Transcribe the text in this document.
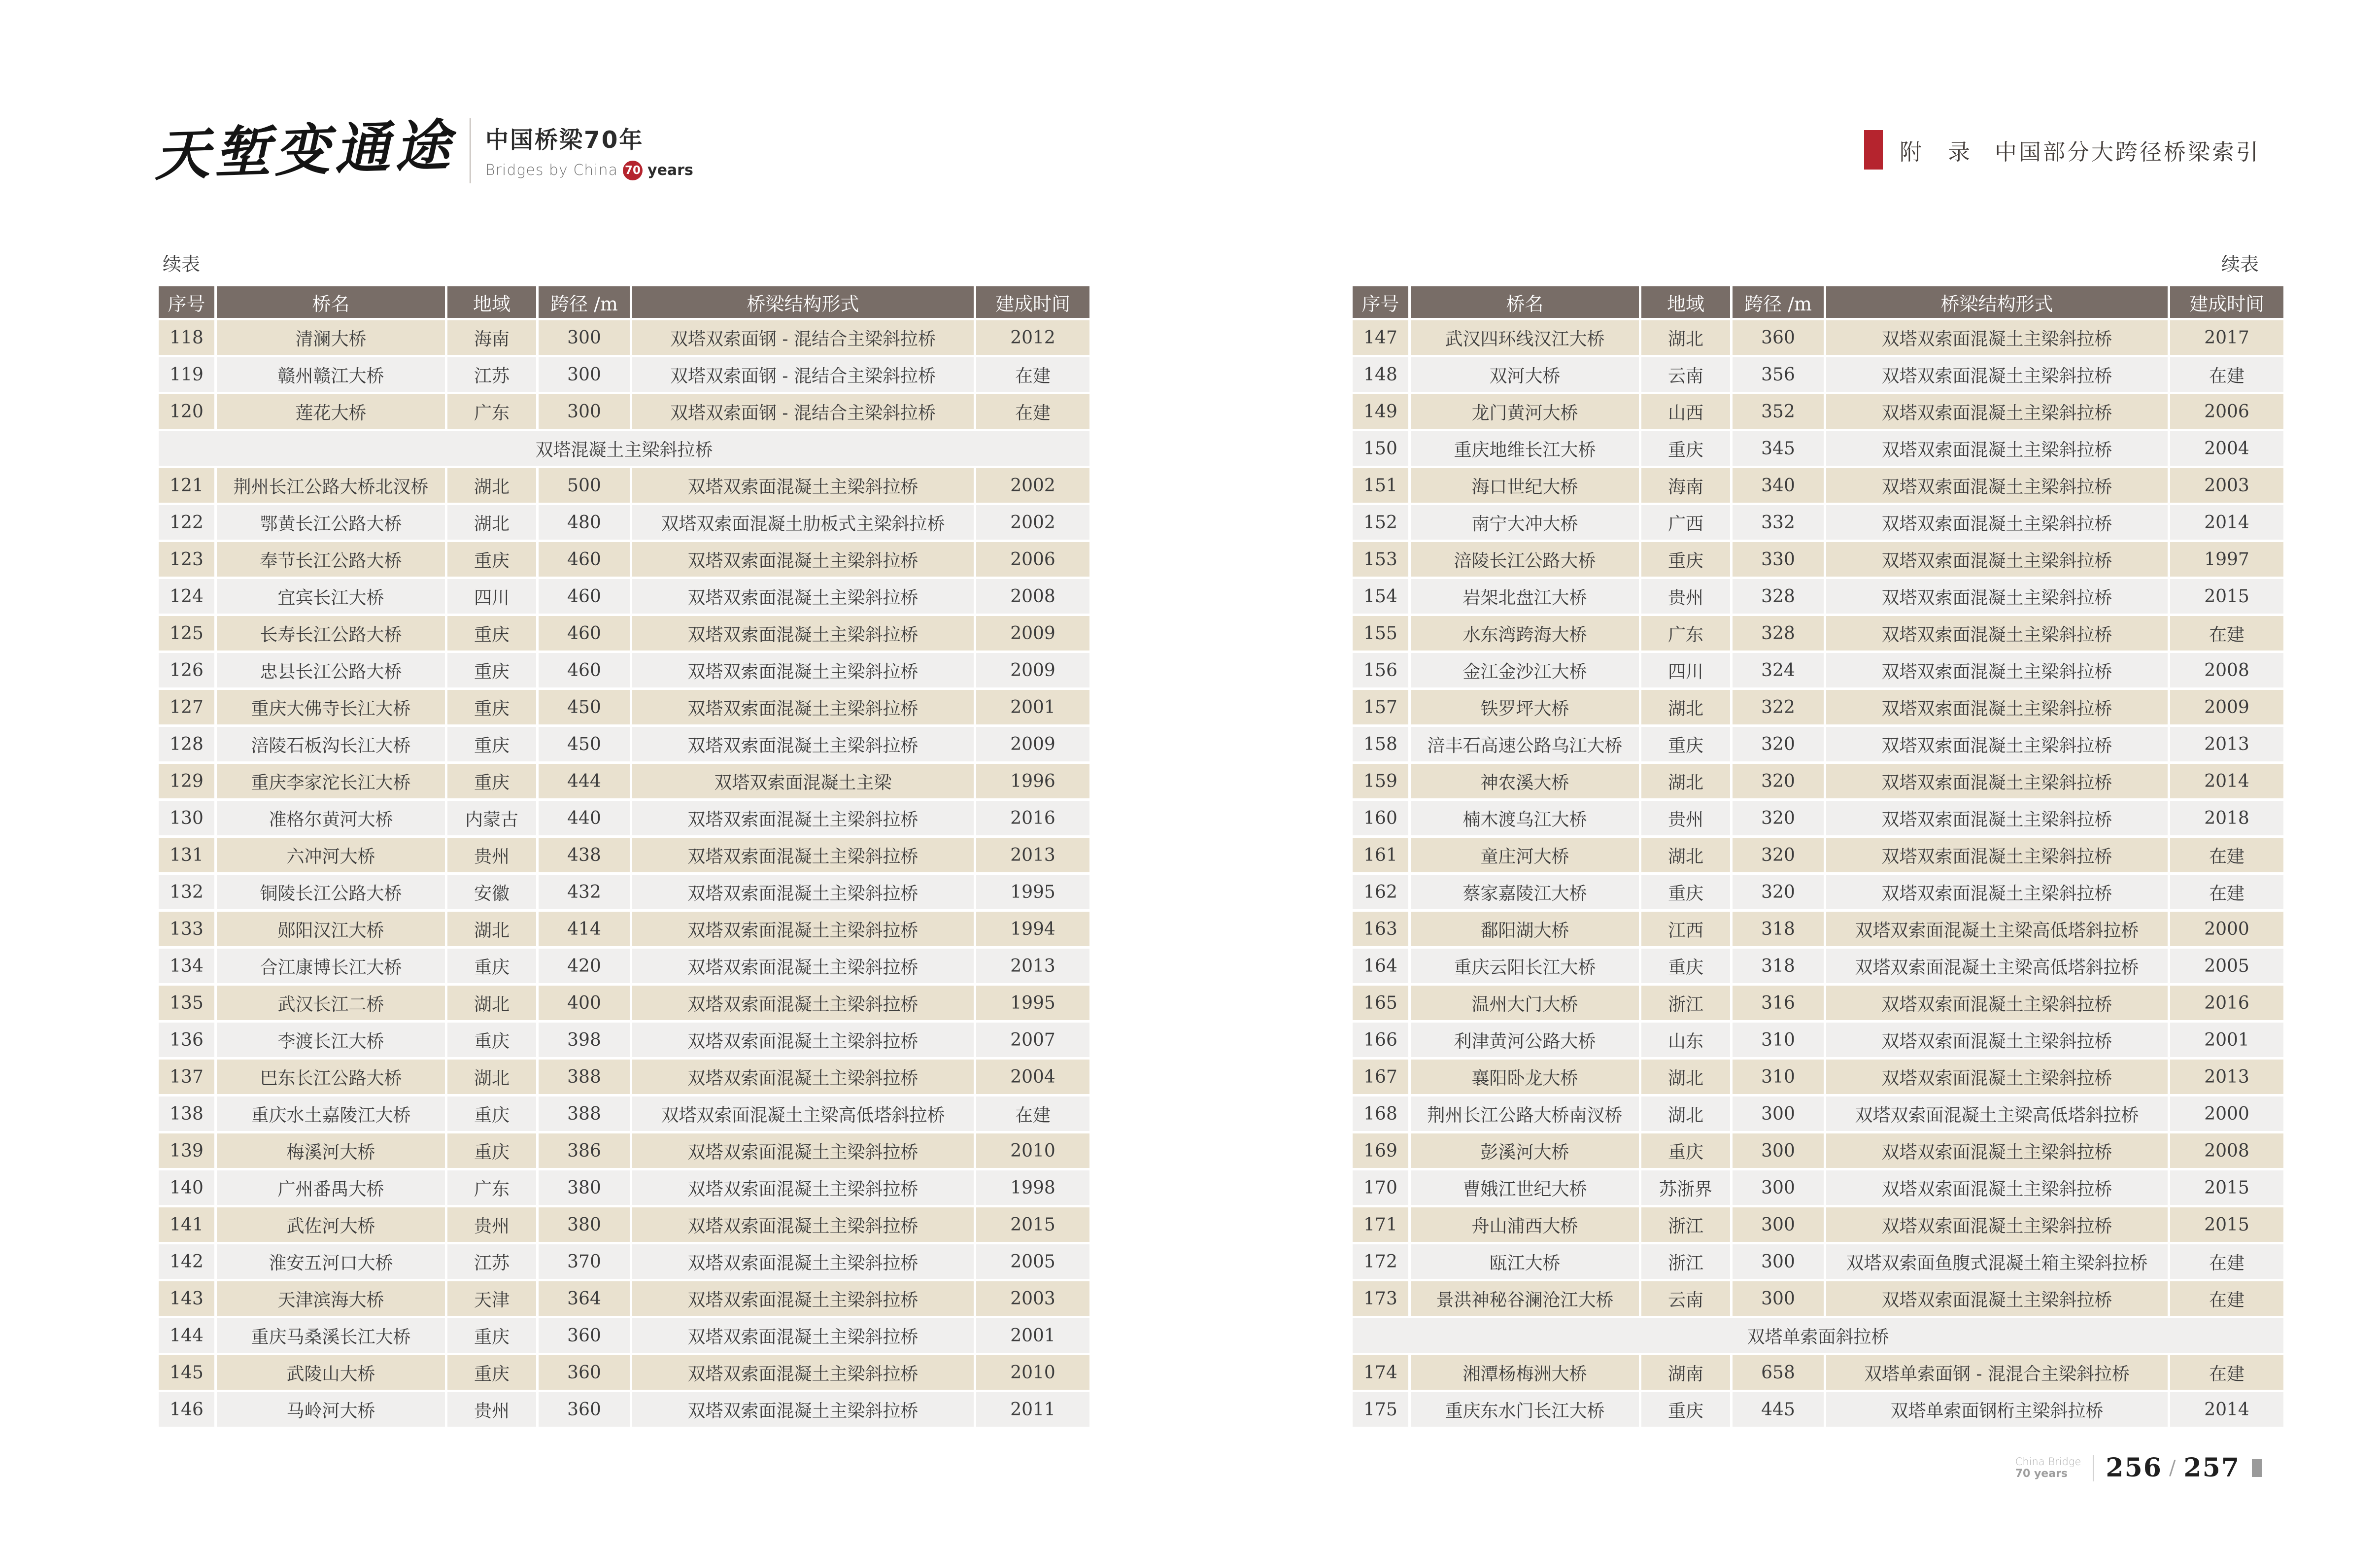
天堑变通途 中国桥梁70年
Bridges by China 70 years
附　录 中国部分大跨径桥梁索引
续表	续表
序号	桥名	地域	跨径 /m	桥梁结构形式	建成时间
118	清澜大桥	海南	300	双塔双索面钢 - 混结合主梁斜拉桥	2012
119	赣州赣江大桥	江苏	300	双塔双索面钢 - 混结合主梁斜拉桥	在建
120	莲花大桥	广东	300	双塔双索面钢 - 混结合主梁斜拉桥	在建
双塔混凝土主梁斜拉桥					
121	荆州长江公路大桥北汊桥	湖北	500	双塔双索面混凝土主梁斜拉桥	2002
122	鄂黄长江公路大桥	湖北	480	双塔双索面混凝土肋板式主梁斜拉桥	2002
123	奉节长江公路大桥	重庆	460	双塔双索面混凝土主梁斜拉桥	2006
124	宜宾长江大桥	四川	460	双塔双索面混凝土主梁斜拉桥	2008
125	长寿长江公路大桥	重庆	460	双塔双索面混凝土主梁斜拉桥	2009
126	忠县长江公路大桥	重庆	460	双塔双索面混凝土主梁斜拉桥	2009
127	重庆大佛寺长江大桥	重庆	450	双塔双索面混凝土主梁斜拉桥	2001
128	涪陵石板沟长江大桥	重庆	450	双塔双索面混凝土主梁斜拉桥	2009
129	重庆李家沱长江大桥	重庆	444	双塔双索面混凝土主梁	1996
130	准格尔黄河大桥	内蒙古	440	双塔双索面混凝土主梁斜拉桥	2016
131	六冲河大桥	贵州	438	双塔双索面混凝土主梁斜拉桥	2013
132	铜陵长江公路大桥	安徽	432	双塔双索面混凝土主梁斜拉桥	1995
133	郧阳汉江大桥	湖北	414	双塔双索面混凝土主梁斜拉桥	1994
134	合江康博长江大桥	重庆	420	双塔双索面混凝土主梁斜拉桥	2013
135	武汉长江二桥	湖北	400	双塔双索面混凝土主梁斜拉桥	1995
136	李渡长江大桥	重庆	398	双塔双索面混凝土主梁斜拉桥	2007
137	巴东长江公路大桥	湖北	388	双塔双索面混凝土主梁斜拉桥	2004
138	重庆水土嘉陵江大桥	重庆	388	双塔双索面混凝土主梁高低塔斜拉桥	在建
139	梅溪河大桥	重庆	386	双塔双索面混凝土主梁斜拉桥	2010
140	广州番禺大桥	广东	380	双塔双索面混凝土主梁斜拉桥	1998
141	武佐河大桥	贵州	380	双塔双索面混凝土主梁斜拉桥	2015
142	淮安五河口大桥	江苏	370	双塔双索面混凝土主梁斜拉桥	2005
143	天津滨海大桥	天津	364	双塔双索面混凝土主梁斜拉桥	2003
144	重庆马桑溪长江大桥	重庆	360	双塔双索面混凝土主梁斜拉桥	2001
145	武陵山大桥	重庆	360	双塔双索面混凝土主梁斜拉桥	2010
146	马岭河大桥	贵州	360	双塔双索面混凝土主梁斜拉桥	2011
序号	桥名	地域	跨径 /m	桥梁结构形式	建成时间
147	武汉四环线汉江大桥	湖北	360	双塔双索面混凝土主梁斜拉桥	2017
148	双河大桥	云南	356	双塔双索面混凝土主梁斜拉桥	在建
149	龙门黄河大桥	山西	352	双塔双索面混凝土主梁斜拉桥	2006
150	重庆地维长江大桥	重庆	345	双塔双索面混凝土主梁斜拉桥	2004
151	海口世纪大桥	海南	340	双塔双索面混凝土主梁斜拉桥	2003
152	南宁大冲大桥	广西	332	双塔双索面混凝土主梁斜拉桥	2014
153	涪陵长江公路大桥	重庆	330	双塔双索面混凝土主梁斜拉桥	1997
154	岩架北盘江大桥	贵州	328	双塔双索面混凝土主梁斜拉桥	2015
155	水东湾跨海大桥	广东	328	双塔双索面混凝土主梁斜拉桥	在建
156	金江金沙江大桥	四川	324	双塔双索面混凝土主梁斜拉桥	2008
157	铁罗坪大桥	湖北	322	双塔双索面混凝土主梁斜拉桥	2009
158	涪丰石高速公路乌江大桥	重庆	320	双塔双索面混凝土主梁斜拉桥	2013
159	神农溪大桥	湖北	320	双塔双索面混凝土主梁斜拉桥	2014
160	楠木渡乌江大桥	贵州	320	双塔双索面混凝土主梁斜拉桥	2018
161	童庄河大桥	湖北	320	双塔双索面混凝土主梁斜拉桥	在建
162	蔡家嘉陵江大桥	重庆	320	双塔双索面混凝土主梁斜拉桥	在建
163	鄱阳湖大桥	江西	318	双塔双索面混凝土主梁高低塔斜拉桥	2000
164	重庆云阳长江大桥	重庆	318	双塔双索面混凝土主梁高低塔斜拉桥	2005
165	温州大门大桥	浙江	316	双塔双索面混凝土主梁斜拉桥	2016
166	利津黄河公路大桥	山东	310	双塔双索面混凝土主梁斜拉桥	2001
167	襄阳卧龙大桥	湖北	310	双塔双索面混凝土主梁斜拉桥	2013
168	荆州长江公路大桥南汊桥	湖北	300	双塔双索面混凝土主梁高低塔斜拉桥	2000
169	彭溪河大桥	重庆	300	双塔双索面混凝土主梁斜拉桥	2008
170	曹娥江世纪大桥	苏浙界	300	双塔双索面混凝土主梁斜拉桥	2015
171	舟山浦西大桥	浙江	300	双塔双索面混凝土主梁斜拉桥	2015
172	瓯江大桥	浙江	300	双塔双索面鱼腹式混凝土箱主梁斜拉桥	在建
173	景洪神秘谷澜沧江大桥	云南	300	双塔双索面混凝土主梁斜拉桥	在建
双塔单索面斜拉桥					
174	湘潭杨梅洲大桥	湖南	658	双塔单索面钢 - 混混合主梁斜拉桥	在建
175	重庆东水门长江大桥	重庆	445	双塔单索面钢桁主梁斜拉桥	2014
China Bridge
70 years	256 / 257
